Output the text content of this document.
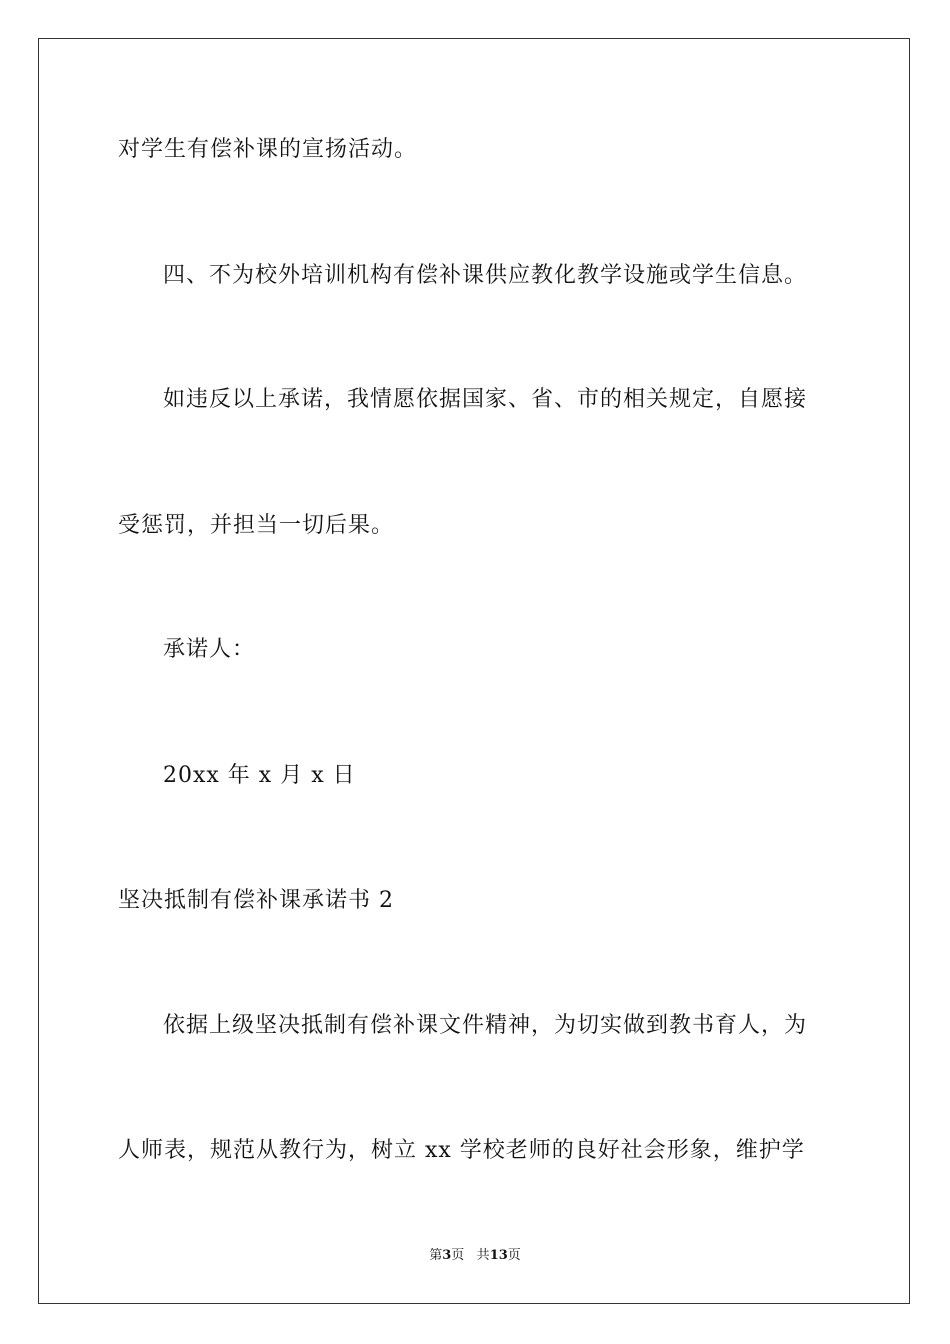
对学生有偿补课的宣扬活动。
四、不为校外培训机构有偿补课供应教化教学设施或学生信息。
如违反以上承诺，我情愿依据国家、省、市的相关规定，自愿接
受惩罚，并担当一切后果。
承诺人：
20xx 年 x 月 x 日
坚决抵制有偿补课承诺书 2
依据上级坚决抵制有偿补课文件精神，为切实做到教书育人，为
人师表，规范从教行为，树立 xx 学校老师的良好社会形象，维护学
第3页 共13页
